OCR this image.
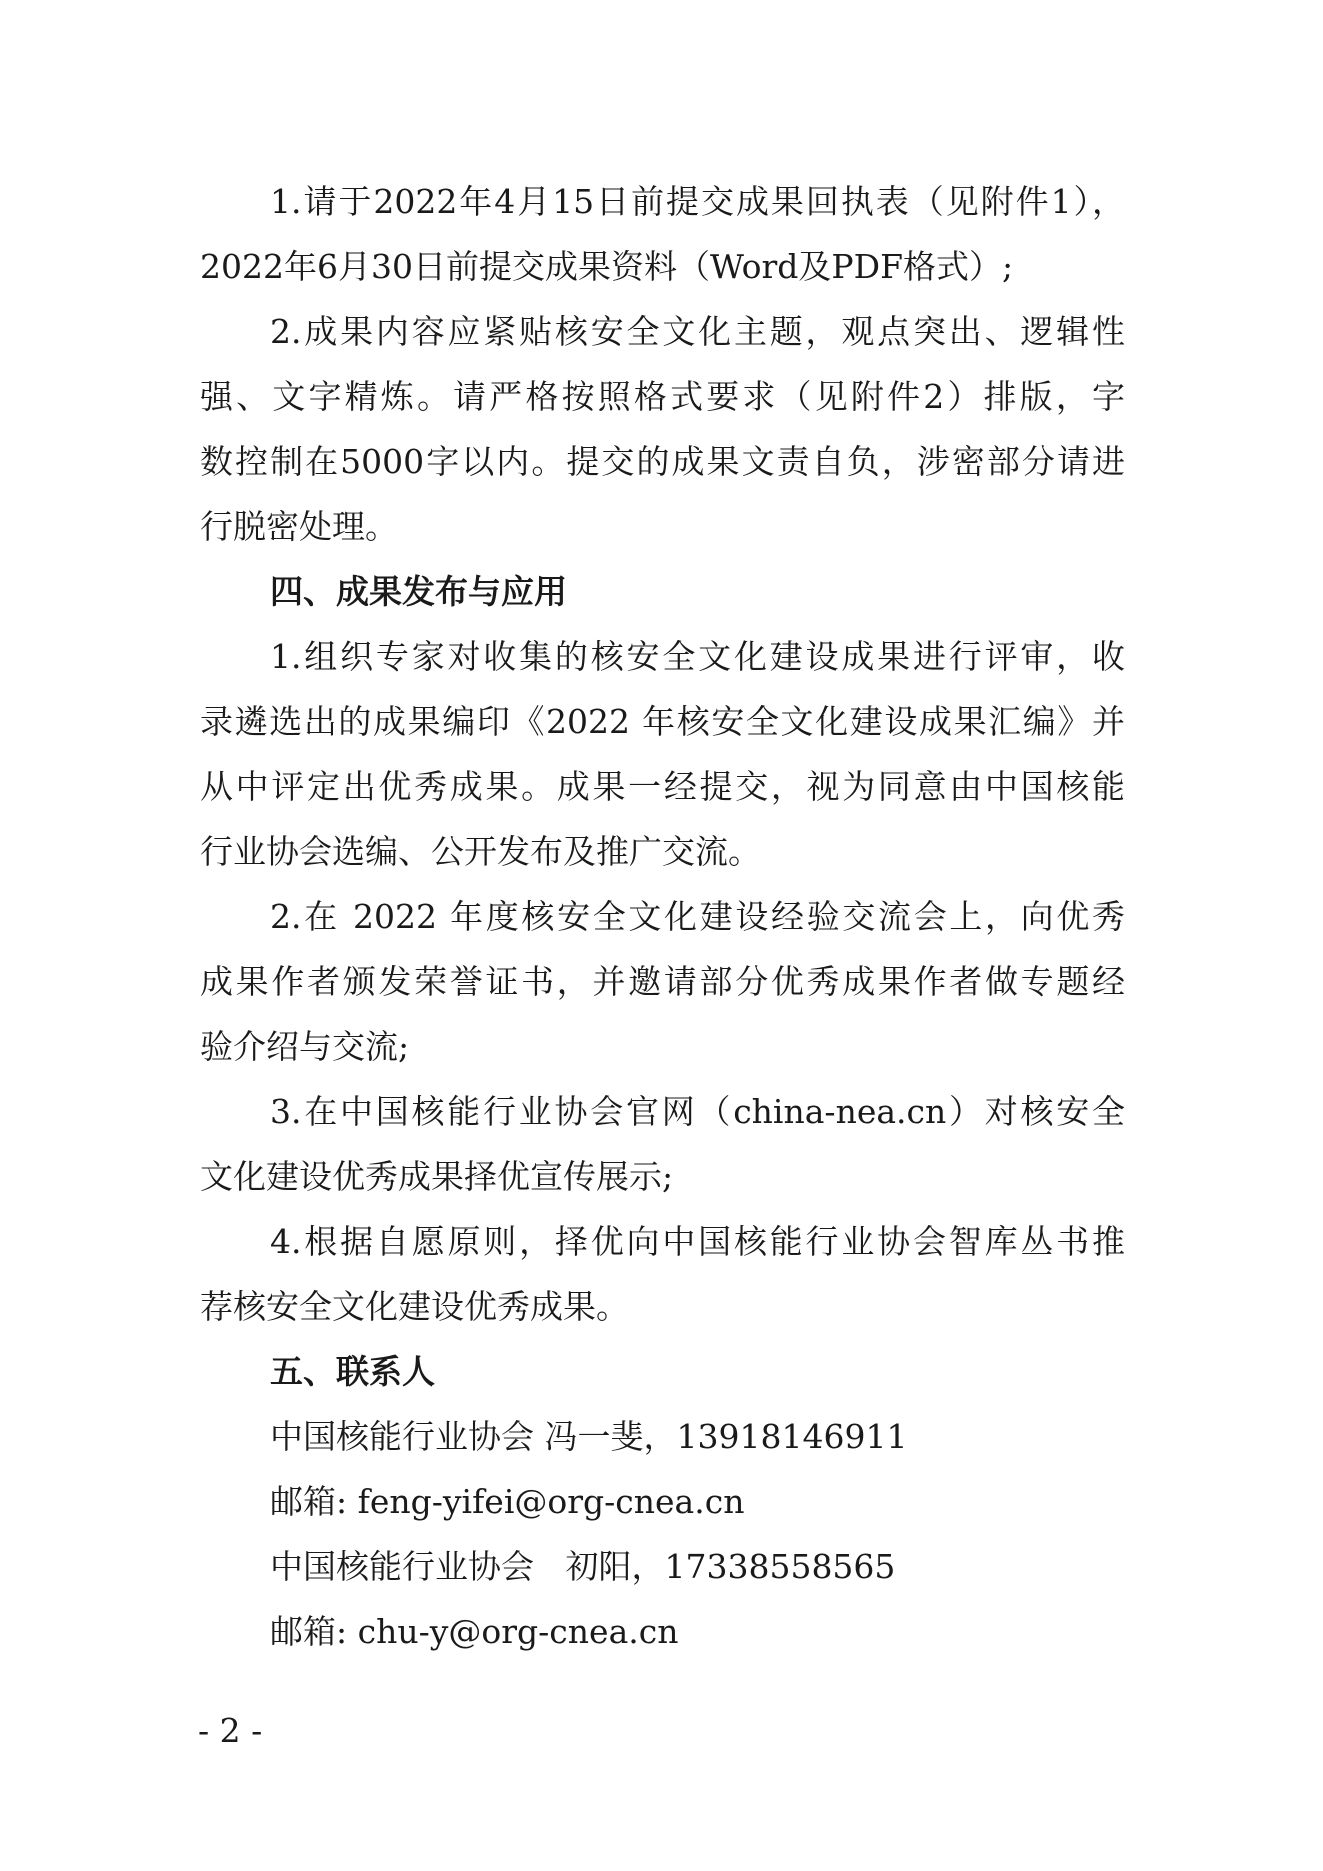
1.请于2022年4月15日前提交成果回执表（见附件1），
2022年6月30日前提交成果资料（Word及PDF格式）;
2.成果内容应紧贴核安全文化主题，观点突出、逻辑性
强、文字精炼。请严格按照格式要求（见附件2）排版，字
数控制在5000字以内。提交的成果文责自负，涉密部分请进
行脱密处理。
四、成果发布与应用
1.组织专家对收集的核安全文化建设成果进行评审，收
录遴选出的成果编印《2022 年核安全文化建设成果汇编》并
从中评定出优秀成果。成果一经提交，视为同意由中国核能
行业协会选编、公开发布及推广交流。
2.在 2022 年度核安全文化建设经验交流会上，向优秀
成果作者颁发荣誉证书，并邀请部分优秀成果作者做专题经
验介绍与交流;
3.在中国核能行业协会官网（china-nea.cn）对核安全
文化建设优秀成果择优宣传展示;
4.根据自愿原则，择优向中国核能行业协会智库丛书推
荐核安全文化建设优秀成果。
五、联系人
中国核能行业协会 冯一斐，13918146911
邮箱: feng-yifei@org-cnea.cn
中国核能行业协会   初阳，17338558565
邮箱: chu-y@org-cnea.cn
- 2 -
